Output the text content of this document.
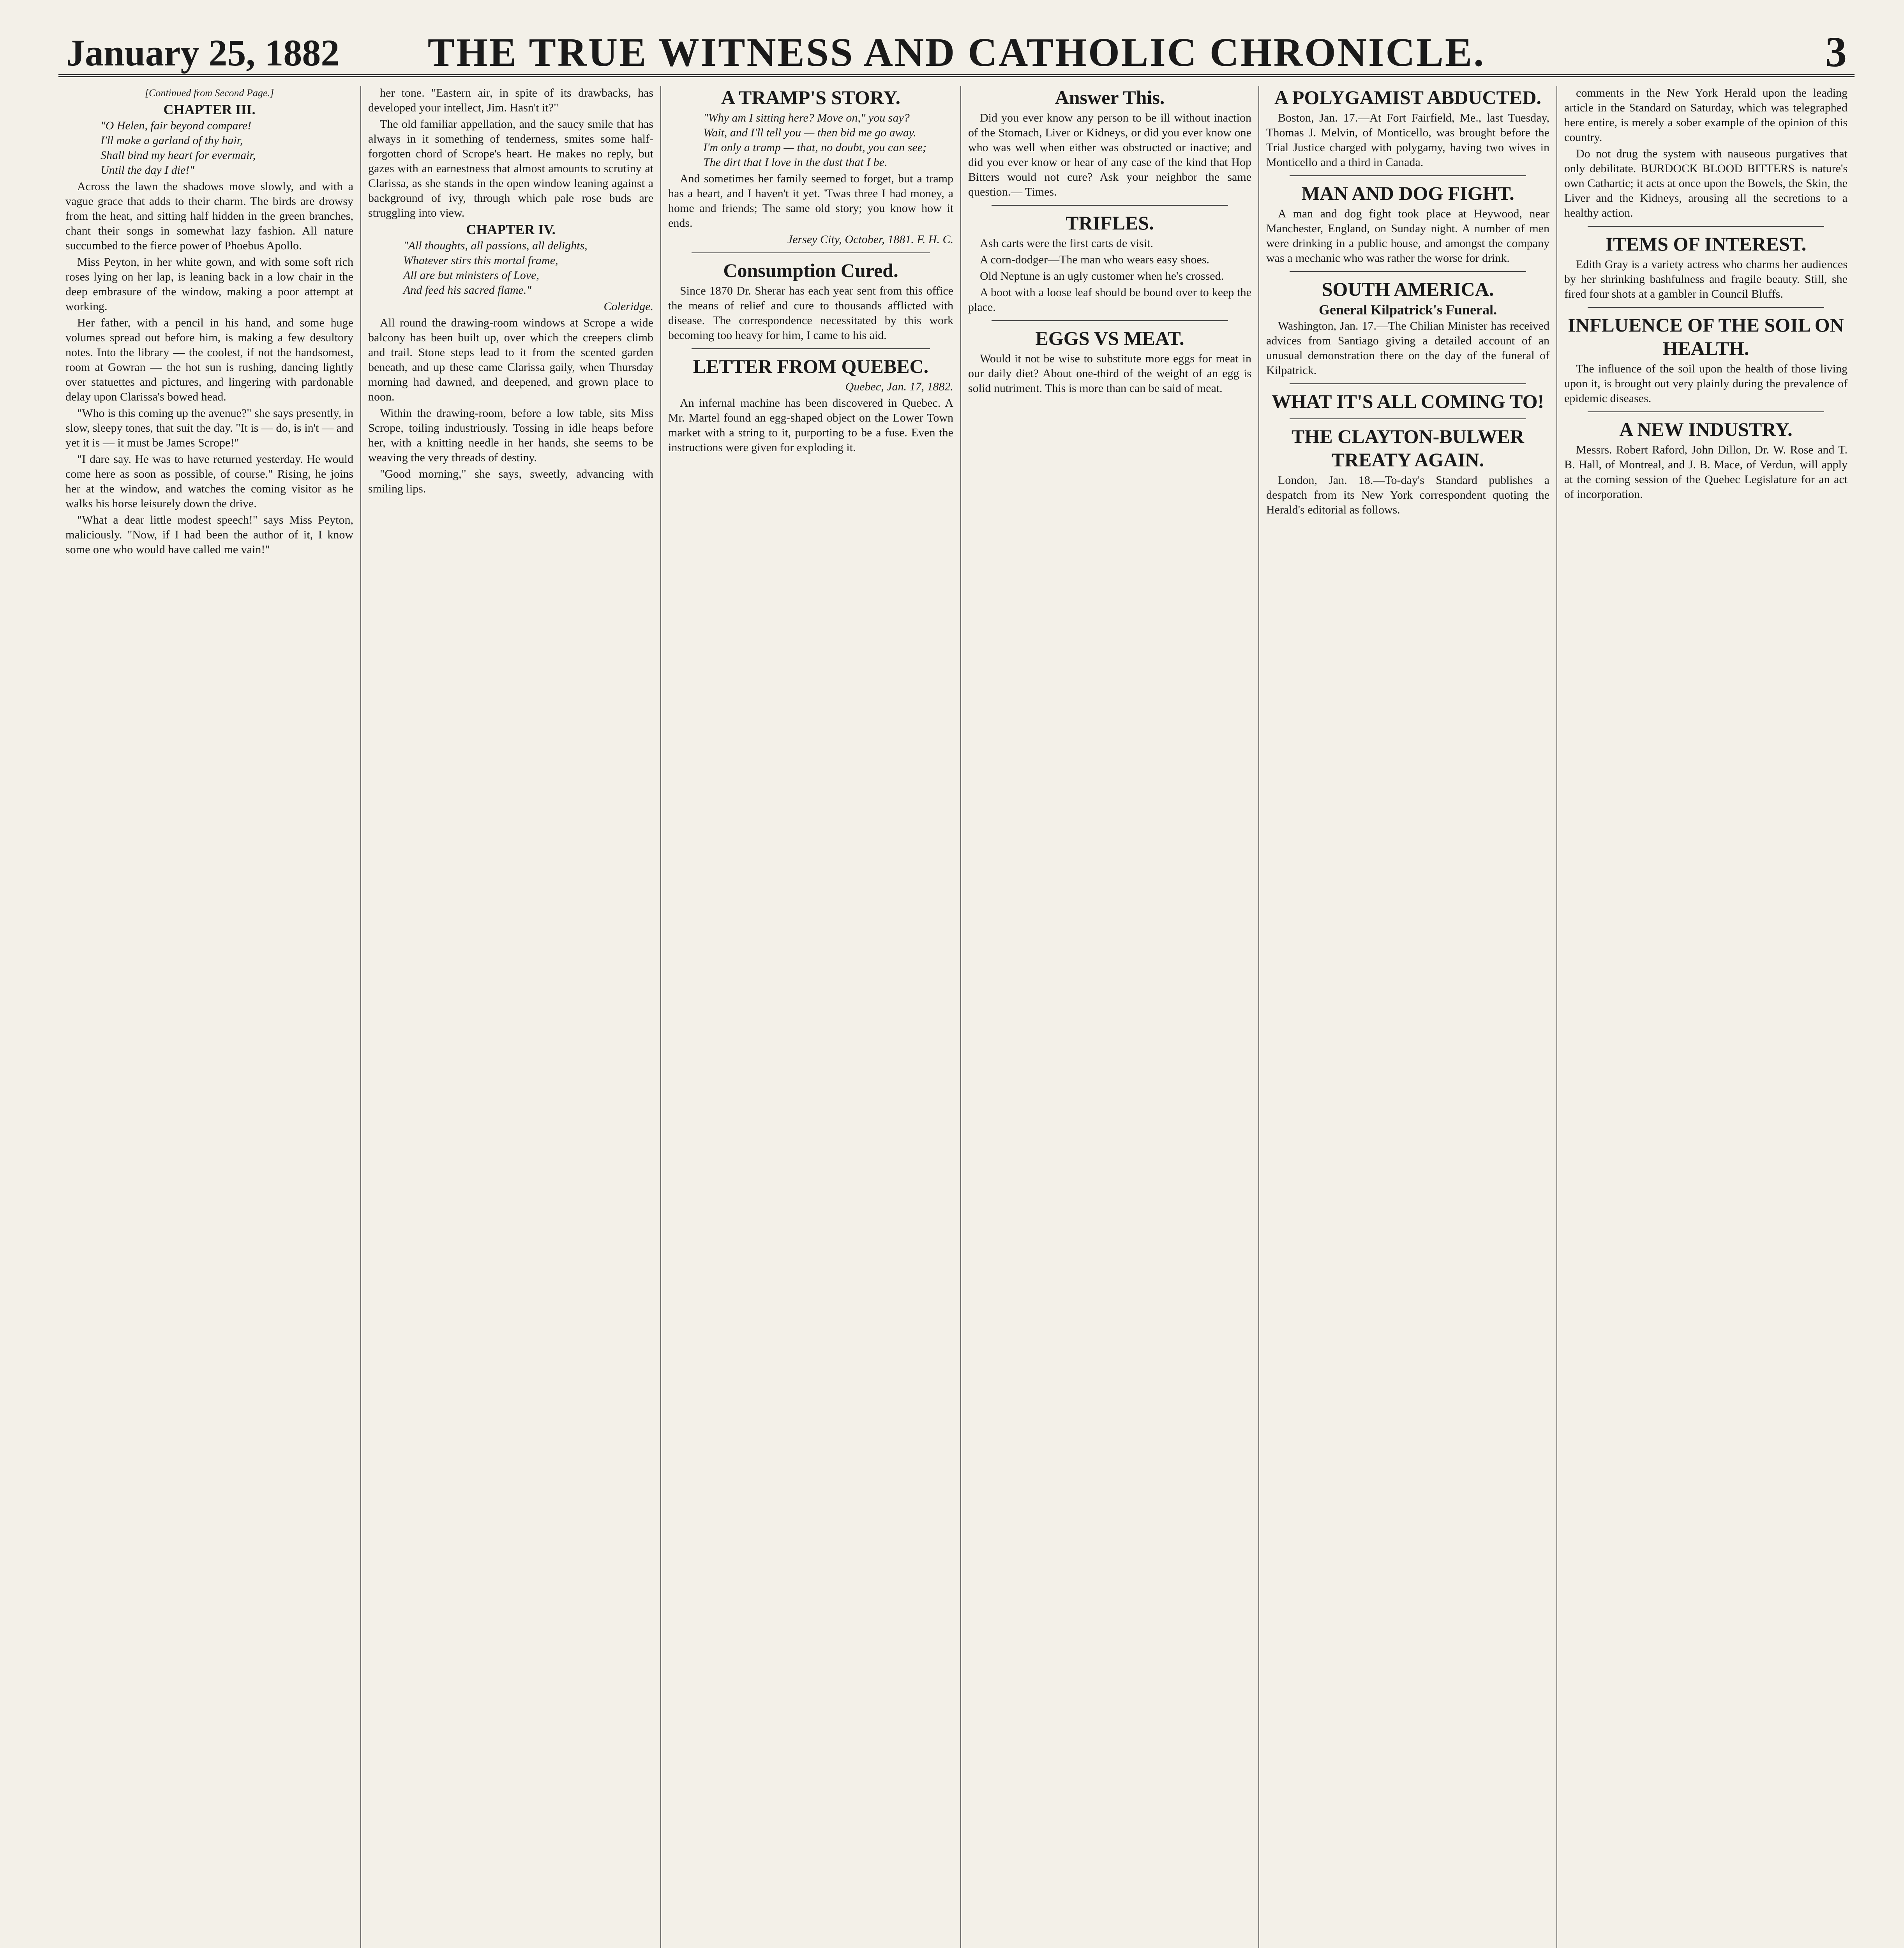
January 25, 1882	THE TRUE WITNESS AND CATHOLIC CHRONICLE.	3

[Continued from Second Page.]

CHAPTER III.

"O Helen, fair beyond compare!
I'll make a garland of thy hair,
Shall bind my heart for evermair,
Until the day I die!"

Across the lawn the shadows move slowly, and with a vague grace that adds to their charm. The birds are drowsy from the heat, and sitting half hidden in the green branches, chant their songs in somewhat lazy fashion. All nature succumbed to the fierce power of Phoebus Apollo.

Miss Peyton, in her white gown, and with some soft rich roses lying on her lap, is leaning back in a low chair in the deep embrasure of the window, making a poor attempt at working.

Her father, with a pencil in his hand, and some huge volumes spread out before him, is making a few desultory notes. Into the library — the coolest, if not the handsomest, room at Gowran — the hot sun is rushing, dancing lightly over statuettes and pictures, and lingering with pardonable delay upon Clarissa's bowed head.

"Who is this coming up the avenue?" she says presently, in slow, sleepy tones, that suit the day. "It is — do, is in't — and yet it is — it must be James Scrope!"

"I dare say. He was to have returned yesterday. He would come here as soon as possible, of course." Rising, he joins her at the window, and watches the coming visitor as he walks his horse leisurely down the drive.

"What a dear little modest speech!" says Miss Peyton, maliciously. "Now, if I had been the author of it, I know some one who would have called me vain!"

her tone. "Eastern air, in spite of its drawbacks, has developed your intellect, Jim. Hasn't it?"

The old familiar appellation, and the saucy smile that has always in it something of tenderness, smites some half-forgotten chord of Scrope's heart. He makes no reply, but gazes with an earnestness that almost amounts to scrutiny at Clarissa, as she stands in the open window leaning against a background of ivy, through which pale rose buds are struggling into view.

CHAPTER IV.

"All thoughts, all passions, all delights,
Whatever stirs this mortal frame,
All are but ministers of Love,
And feed his sacred flame."

Coleridge.

All round the drawing-room windows at Scrope a wide balcony has been built up, over which the creepers climb and trail. Stone steps lead to it from the scented garden beneath, and up these came Clarissa gaily, when Thursday morning had dawned, and deepened, and grown place to noon.

Within the drawing-room, before a low table, sits Miss Scrope, toiling industriously. Tossing in idle heaps before her, with a knitting needle in her hands, she seems to be weaving the very threads of destiny.

"Good morning," she says, sweetly, advancing with smiling lips.

A TRAMP'S STORY.

"Why am I sitting here? Move on," you say?
Wait, and I'll tell you — then bid me go away.
I'm only a tramp — that, no doubt, you can see;
The dirt that I love in the dust that I be.

And sometimes her family seemed to forget, but a tramp has a heart, and I haven't it yet. 'Twas three I had money, a home and friends; The same old story; you know how it ends.

Jersey City, October, 1881. F. H. C.

Consumption Cured.

Since 1870 Dr. Sherar has each year sent from this office the means of relief and cure to thousands afflicted with disease. The correspondence necessitated by this work becoming too heavy for him, I came to his aid.

LETTER FROM QUEBEC.

Quebec, Jan. 17, 1882.

An infernal machine has been discovered in Quebec. A Mr. Martel found an egg-shaped object on the Lower Town market with a string to it, purporting to be a fuse. Even the instructions were given for exploding it.

Answer This.

Did you ever know any person to be ill without inaction of the Stomach, Liver or Kidneys, or did you ever know one who was well when either was obstructed or inactive; and did you ever know or hear of any case of the kind that Hop Bitters would not cure? Ask your neighbor the same question.— Times.

TRIFLES.

Ash carts were the first carts de visit.

A corn-dodger—The man who wears easy shoes.

Old Neptune is an ugly customer when he's crossed.

A boot with a loose leaf should be bound over to keep the place.

EGGS VS MEAT.

Would it not be wise to substitute more eggs for meat in our daily diet? About one-third of the weight of an egg is solid nutriment. This is more than can be said of meat.

A POLYGAMIST ABDUCTED.

Boston, Jan. 17.—At Fort Fairfield, Me., last Tuesday, Thomas J. Melvin, of Monticello, was brought before the Trial Justice charged with polygamy, having two wives in Monticello and a third in Canada.

MAN AND DOG FIGHT.

A man and dog fight took place at Heywood, near Manchester, England, on Sunday night. A number of men were drinking in a public house, and amongst the company was a mechanic who was rather the worse for drink.

SOUTH AMERICA.

General Kilpatrick's Funeral.

Washington, Jan. 17.—The Chilian Minister has received advices from Santiago giving a detailed account of an unusual demonstration there on the day of the funeral of Kilpatrick.

WHAT IT'S ALL COMING TO!

THE CLAYTON-BULWER TREATY AGAIN.

London, Jan. 18.—To-day's Standard publishes a despatch from its New York correspondent quoting the Herald's editorial as follows.

comments in the New York Herald upon the leading article in the Standard on Saturday, which was telegraphed here entire, is merely a sober example of the opinion of this country.

Do not drug the system with nauseous purgatives that only debilitate. BURDOCK BLOOD BITTERS is nature's own Cathartic; it acts at once upon the Bowels, the Skin, the Liver and the Kidneys, arousing all the secretions to a healthy action.

ITEMS OF INTEREST.

Edith Gray is a variety actress who charms her audiences by her shrinking bashfulness and fragile beauty. Still, she fired four shots at a gambler in Council Bluffs.

INFLUENCE OF THE SOIL ON HEALTH.

The influence of the soil upon the health of those living upon it, is brought out very plainly during the prevalence of epidemic diseases.

A NEW INDUSTRY.

Messrs. Robert Raford, John Dillon, Dr. W. Rose and T. B. Hall, of Montreal, and J. B. Mace, of Verdun, will apply at the coming session of the Quebec Legislature for an act of incorporation.
